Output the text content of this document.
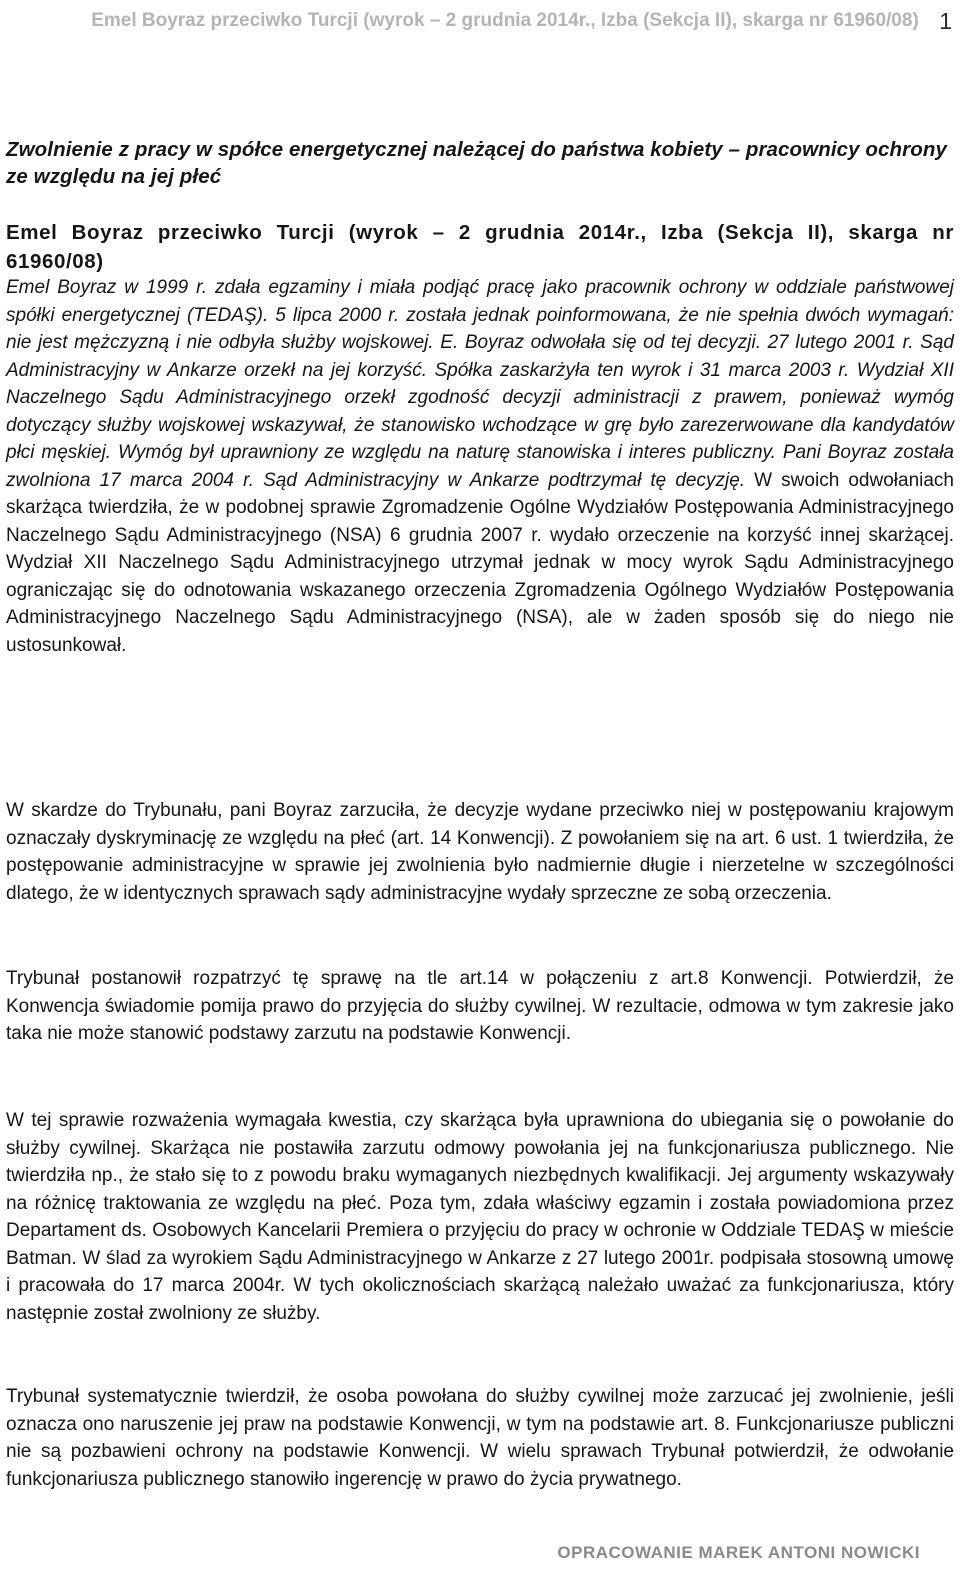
Emel Boyraz przeciwko Turcji (wyrok – 2 grudnia 2014r., Izba (Sekcja II), skarga nr 61960/08) 1
Zwolnienie z pracy w spółce energetycznej należącej do państwa kobiety – pracownicy ochrony ze względu na jej płeć
Emel Boyraz przeciwko Turcji (wyrok – 2 grudnia 2014r., Izba (Sekcja II), skarga nr 61960/08)

Emel Boyraz w 1999 r. zdała egzaminy i miała podjąć pracę jako pracownik ochrony w oddziale państwowej spółki energetycznej (TEDAŞ). 5 lipca 2000 r. została jednak poinformowana, że nie spełnia dwóch wymagań: nie jest mężczyzną i nie odbyła służby wojskowej. E. Boyraz odwołała się od tej decyzji. 27 lutego 2001 r. Sąd Administracyjny w Ankarze orzekł na jej korzyść. Spółka zaskarżyła ten wyrok i 31 marca 2003 r. Wydział XII Naczelnego Sądu Administracyjnego orzekł zgodność decyzji administracji z prawem, ponieważ wymóg dotyczący służby wojskowej wskazywał, że stanowisko wchodzące w grę było zarezerwowane dla kandydatów płci męskiej. Wymóg był uprawniony ze względu na naturę stanowiska i interes publiczny. Pani Boyraz została zwolniona 17 marca 2004 r. Sąd Administracyjny w Ankarze podtrzymał tę decyzję. W swoich odwołaniach skarżąca twierdziła, że w podobnej sprawie Zgromadzenie Ogólne Wydziałów Postępowania Administracyjnego Naczelnego Sądu Administracyjnego (NSA) 6 grudnia 2007 r. wydało orzeczenie na korzyść innej skarżącej. Wydział XII Naczelnego Sądu Administracyjnego utrzymał jednak w mocy wyrok Sądu Administracyjnego ograniczając się do odnotowania wskazanego orzeczenia Zgromadzenia Ogólnego Wydziałów Postępowania Administracyjnego Naczelnego Sądu Administracyjnego (NSA), ale w żaden sposób się do niego nie ustosunkował.

W skardze do Trybunału, pani Boyraz zarzuciła, że decyzje wydane przeciwko niej w postępowaniu krajowym oznaczały dyskryminację ze względu na płeć (art. 14 Konwencji). Z powołaniem się na art. 6 ust. 1 twierdziła, że postępowanie administracyjne w sprawie jej zwolnienia było nadmiernie długie i nierzetelne w szczególności dlatego, że w identycznych sprawach sądy administracyjne wydały sprzeczne ze sobą orzeczenia.

Trybunał postanowił rozpatrzyć tę sprawę na tle art.14 w połączeniu z art.8 Konwencji. Potwierdził, że Konwencja świadomie pomija prawo do przyjęcia do służby cywilnej. W rezultacie, odmowa w tym zakresie jako taka nie może stanowić podstawy zarzutu na podstawie Konwencji.

W tej sprawie rozważenia wymagała kwestia, czy skarżąca była uprawniona do ubiegania się o powołanie do służby cywilnej. Skarżąca nie postawiła zarzutu odmowy powołania jej na funkcjonariusza publicznego. Nie twierdziła np., że stało się to z powodu braku wymaganych niezbędnych kwalifikacji. Jej argumenty wskazywały na różnicę traktowania ze względu na płeć. Poza tym, zdała właściwy egzamin i została powiadomiona przez Departament ds. Osobowych Kancelarii Premiera o przyjęciu do pracy w ochronie w Oddziale TEDAŞ w mieście Batman. W ślad za wyrokiem Sądu Administracyjnego w Ankarze z 27 lutego 2001r. podpisała stosowną umowę i pracowała do 17 marca 2004r. W tych okolicznościach skarżącą należało uważać za funkcjonariusza, który następnie został zwolniony ze służby.

Trybunał systematycznie twierdził, że osoba powołana do służby cywilnej może zarzucać jej zwolnienie, jeśli oznacza ono naruszenie jej praw na podstawie Konwencji, w tym na podstawie art. 8. Funkcjonariusze publiczni nie są pozbawieni ochrony na podstawie Konwencji. W wielu sprawach Trybunał potwierdził, że odwołanie funkcjonariusza publicznego stanowiło ingerencję w prawo do życia prywatnego.

OPRACOWANIE MAREK ANTONI NOWICKI
